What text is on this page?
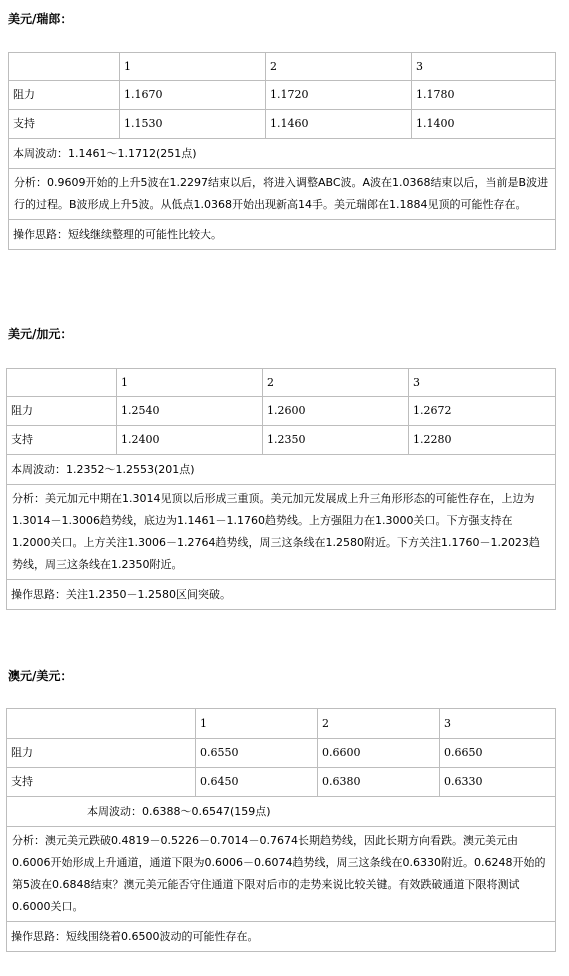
美元/瑞郎：
	1	2	3
阻力	1.1670	1.1720	1.1780
支持	1.1530	1.1460	1.1400
本周波动：1.1461～1.1712(251点)			
分析：0.9609开始的上升5波在1.2297结束以后，将进入调整ABC波。A波在1.0368结束以后，当前是B波进行的过程。B波形成上升5波。从低点1.0368开始出现新高14手。美元瑞郎在1.1884见顶的可能性存在。			
操作思路：短线继续整理的可能性比较大。			
美元/加元：
	1	2	3
阻力	1.2540	1.2600	1.2672
支持	1.2400	1.2350	1.2280
本周波动：1.2352～1.2553(201点)			
分析：美元加元中期在1.3014见顶以后形成三重顶。美元加元发展成上升三角形形态的可能性存在，上边为1.3014－1.3006趋势线，底边为1.1461－1.1760趋势线。上方强阻力在1.3000关口。下方强支持在1.2000关口。上方关注1.3006－1.2764趋势线，周三这条线在1.2580附近。下方关注1.1760－1.2023趋势线，周三这条线在1.2350附近。			
操作思路：关注1.2350－1.2580区间突破。			
澳元/美元：
	1	2	3
阻力	0.6550	0.6600	0.6650
支持	0.6450	0.6380	0.6330
本周波动：0.6388～0.6547(159点)			
分析：澳元美元跌破0.4819－0.5226－0.7014－0.7674长期趋势线，因此长期方向看跌。澳元美元由0.6006开始形成上升通道，通道下限为0.6006－0.6074趋势线，周三这条线在0.6330附近。0.6248开始的第5波在0.6848结束？澳元美元能否守住通道下限对后市的走势来说比较关键。有效跌破通道下限将测试0.6000关口。			
操作思路：短线围绕着0.6500波动的可能性存在。			
